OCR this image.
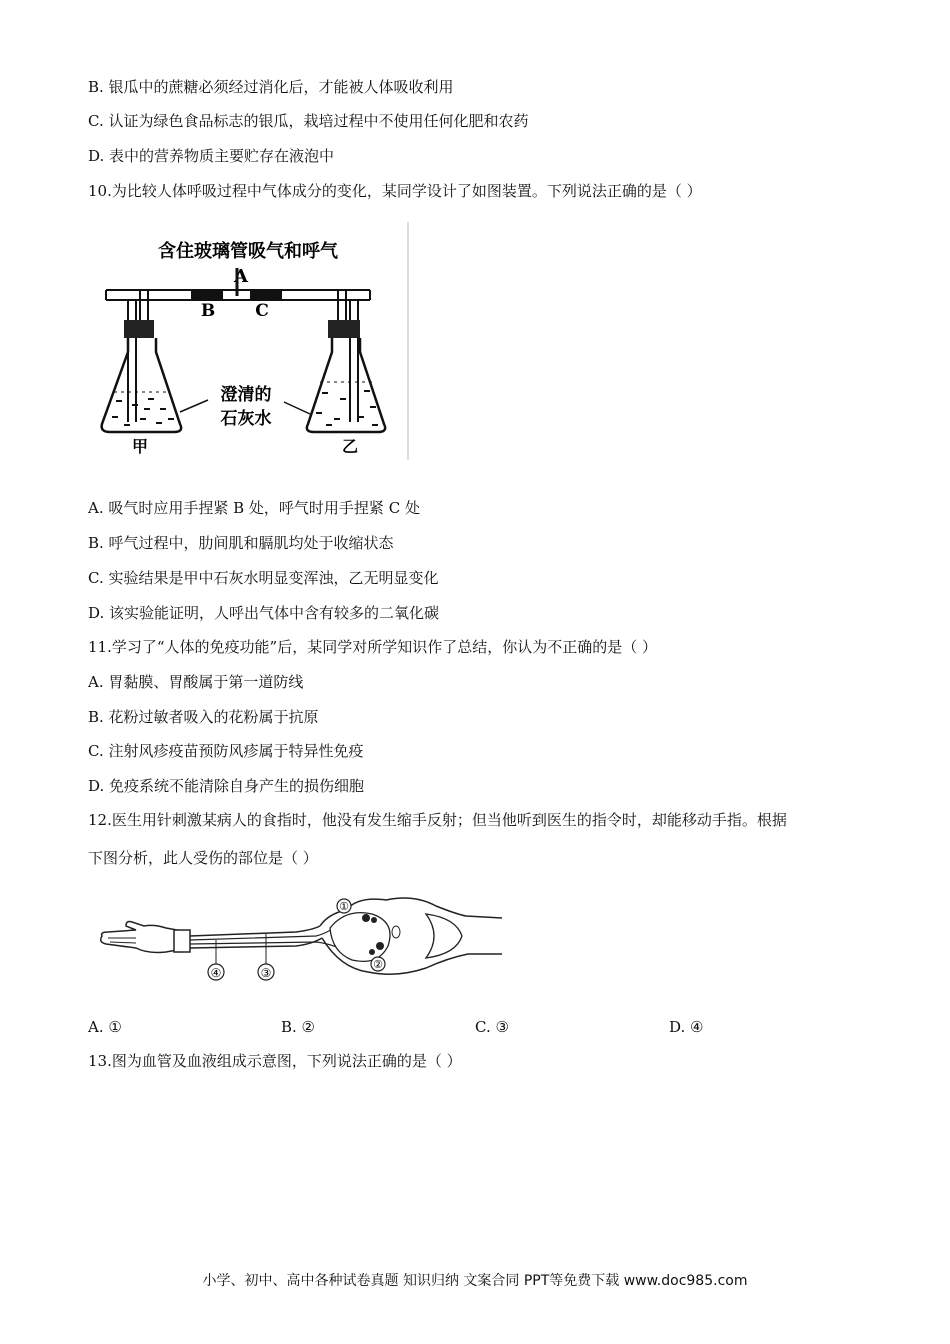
B. 银瓜中的蔗糖必须经过消化后，才能被人体吸收利用
C. 认证为绿色食品标志的银瓜，栽培过程中不使用任何化肥和农药
D. 表中的营养物质主要贮存在液泡中
10.为比较人体呼吸过程中气体成分的变化，某同学设计了如图装置。下列说法正确的是（ ）
含住玻璃管吸气和呼气
A
B C
澄清的
石灰水
甲	乙
A. 吸气时应用手捏紧 B 处，呼气时用手捏紧 C 处
B. 呼气过程中，肋间肌和膈肌均处于收缩状态
C. 实验结果是甲中石灰水明显变浑浊，乙无明显变化
D. 该实验能证明，人呼出气体中含有较多的二氧化碳
11.学习了“人体的免疫功能”后，某同学对所学知识作了总结，你认为不正确的是（ ）
A. 胃黏膜、胃酸属于第一道防线
B. 花粉过敏者吸入的花粉属于抗原
C. 注射风疹疫苗预防风疹属于特异性免疫
D. 免疫系统不能清除自身产生的损伤细胞
12.医生用针刺激某病人的食指时，他没有发生缩手反射；但当他听到医生的指令时，却能移动手指。根据
下图分析，此人受伤的部位是（ ）
①
②
③
④
A. ①	B. ②	C. ③	D. ④
13.图为血管及血液组成示意图，下列说法正确的是（ ）
小学、初中、高中各种试卷真题 知识归纳 文案合同 PPT等免费下载 www.doc985.com
